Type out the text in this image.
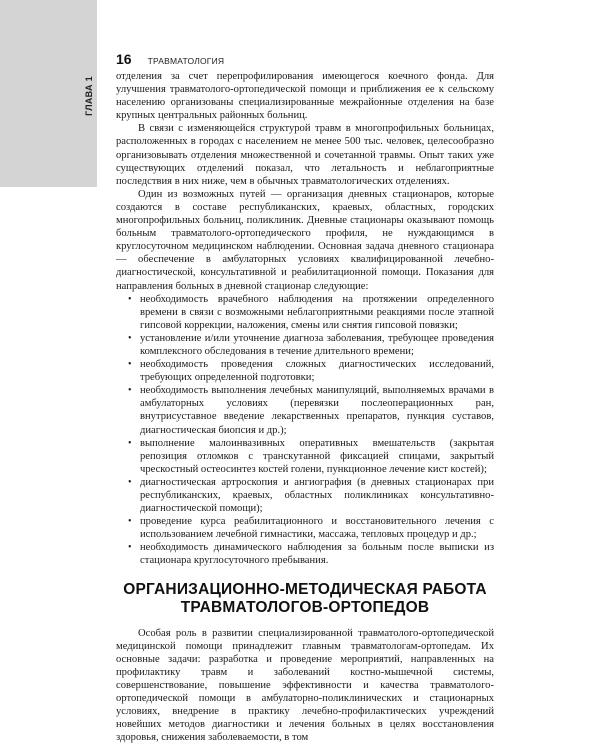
ГЛАВА 1
16 ТРАВМАТОЛОГИЯ

отделения за счет перепрофилирования имеющегося коечного фонда. Для улучшения травматолого-ортопедической помощи и приближения ее к сельскому населению организованы специализированные межрайонные отделения на базе крупных центральных районных больниц.

В связи с изменяющейся структурой травм в многопрофильных больницах, расположенных в городах с населением не менее 500 тыс. человек, целесообразно организовывать отделения множественной и сочетанной травмы. Опыт таких уже существующих отделений показал, что летальность и неблагоприятные последствия в них ниже, чем в обычных травматологических отделениях.

Один из возможных путей — организация дневных стационаров, которые создаются в составе республиканских, краевых, областных, городских многопрофильных больниц, поликлиник. Дневные стационары оказывают помощь больным травматолого-ортопедического профиля, не нуждающимся в круглосуточном медицинском наблюдении. Основная задача дневного стационара — обеспечение в амбулаторных условиях квалифицированной лечебно-диагностической, консультативной и реабилитационной помощи. Показания для направления больных в дневной стационар следующие:

• необходимость врачебного наблюдения на протяжении определенного времени в связи с возможными неблагоприятными реакциями после этапной гипсовой коррекции, наложения, смены или снятия гипсовой повязки;
• установление и/или уточнение диагноза заболевания, требующее проведения комплексного обследования в течение длительного времени;
• необходимость проведения сложных диагностических исследований, требующих определенной подготовки;
• необходимость выполнения лечебных манипуляций, выполняемых врачами в амбулаторных условиях (перевязки послеоперационных ран, внутрисуставное введение лекарственных препаратов, пункция суставов, диагностическая биопсия и др.);
• выполнение малоинвазивных оперативных вмешательств (закрытая репозиция отломков с транскутанной фиксацией спицами, закрытый чрескостный остеосинтез костей голени, пункционное лечение кист костей);
• диагностическая артроскопия и ангиография (в дневных стационарах при республиканских, краевых, областных поликлиниках консультативно-диагностической помощи);
• проведение курса реабилитационного и восстановительного лечения с использованием лечебной гимнастики, массажа, тепловых процедур и др.;
• необходимость динамического наблюдения за больным после выписки из стационара круглосуточного пребывания.
ОРГАНИЗАЦИОННО-МЕТОДИЧЕСКАЯ РАБОТА
ТРАВМАТОЛОГОВ-ОРТОПЕДОВ

Особая роль в развитии специализированной травматолого-ортопедической медицинской помощи принадлежит главным травматологам-ортопедам. Их основные задачи: разработка и проведение мероприятий, направленных на профилактику травм и заболеваний костно-мышечной системы, совершенствование, повышение эффективности и качества травматолого-ортопедической помощи в амбулаторно-поликлинических и стационарных условиях, внедрение в практику лечебно-профилактических учреждений новейших методов диагностики и лечения больных в целях восстановления здоровья, снижения заболеваемости, в том
